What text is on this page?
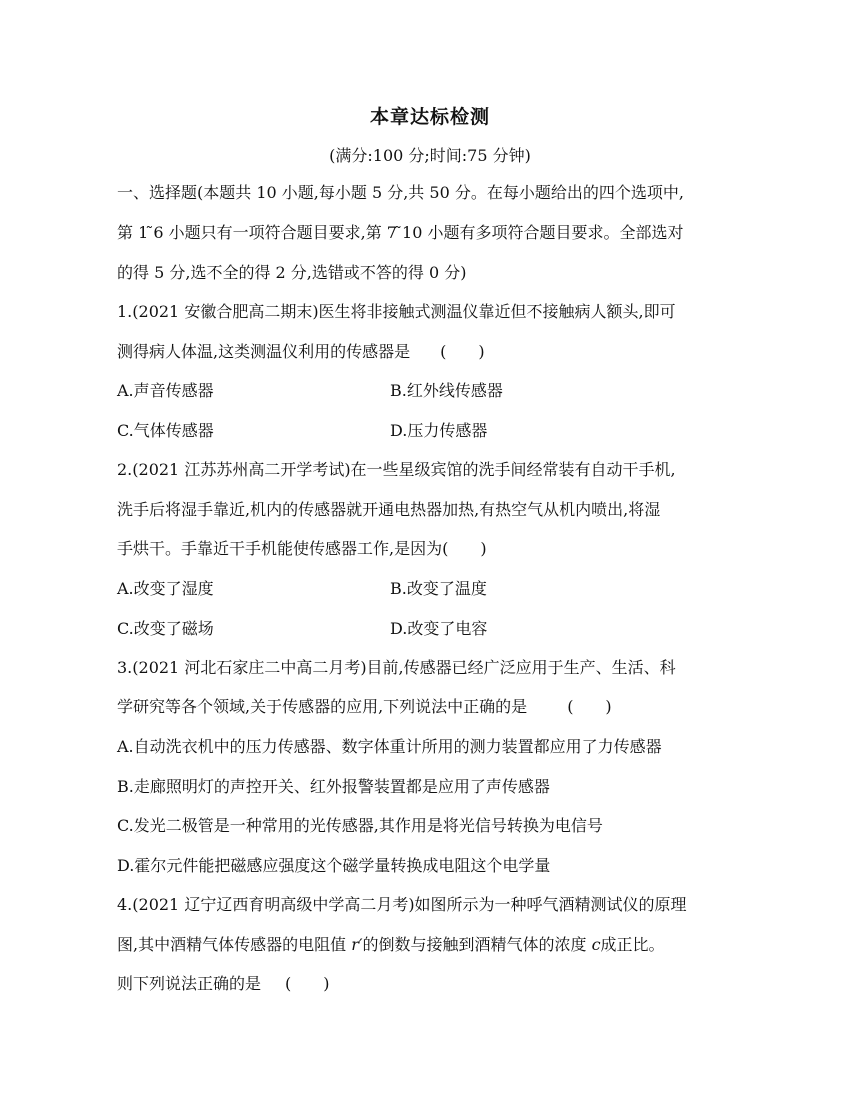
本章达标检测
(满分:100 分;时间:75 分钟)
一、选择题(本题共 10 小题,每小题 5 分,共 50 分。在每小题给出的四个选项中,
第 1 ̃6 小题只有一项符合题目要求,第 7 ̃10 小题有多项符合题目要求。全部选对
的得 5 分,选不全的得 2 分,选错或不答的得 0 分)
1.(2021 安徽合肥高二期末)医生将非接触式测温仪靠近但不接触病人额头,即可
测得病人体温,这类测温仪利用的传感器是 (　　)
A.声音传感器	B.红外线传感器
C.气体传感器	D.压力传感器
2.(2021 江苏苏州高二开学考试)在一些星级宾馆的洗手间经常装有自动干手机,
洗手后将湿手靠近,机内的传感器就开通电热器加热,有热空气从机内喷出,将湿
手烘干。手靠近干手机能使传感器工作,是因为(　　)
A.改变了湿度	B.改变了温度
C.改变了磁场	D.改变了电容
3.(2021 河北石家庄二中高二月考)目前,传感器已经广泛应用于生产、生活、科
学研究等各个领域,关于传感器的应用,下列说法中正确的是	(　　)
A.自动洗衣机中的压力传感器、数字体重计所用的测力装置都应用了力传感器
B.走廊照明灯的声控开关、红外报警装置都是应用了声传感器
C.发光二极管是一种常用的光传感器,其作用是将光信号转换为电信号
D.霍尔元件能把磁感应强度这个磁学量转换成电阻这个电学量
4.(2021 辽宁辽西育明高级中学高二月考)如图所示为一种呼气酒精测试仪的原理
图,其中酒精气体传感器的电阻值 r′的倒数与接触到酒精气体的浓度 c成正比。
则下列说法正确的是 (　　)
